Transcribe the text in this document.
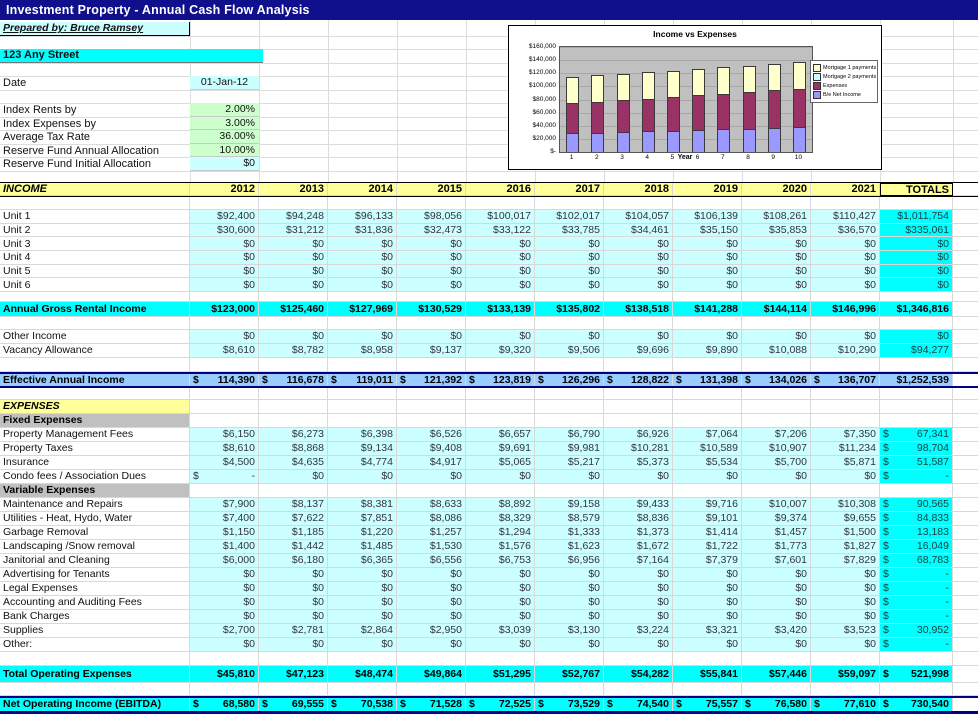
Investment Property - Annual Cash Flow Analysis
Prepared by: Bruce Ramsey
123 Any Street
Date	01-Jan-12
Index Rents by	2.00%
Index Expenses by	3.00%
Average Tax Rate	36.00%
Reserve Fund Annual Allocation	10.00%
Reserve Fund Initial Allocation	$0
Income vs Expenses
1	2	3	4	5	6	7	8	9	10
$160,000
$140,000
$120,000
$100,000
$80,000
$60,000
$40,000
$20,000
$-
Year
Mortgage 1 payments
Mortgage 2 payments
Expenses
B/e Net Income
INCOME	2012	2013	2014	2015	2016	2017	2018	2019	2020	2021	TOTALS
Unit 1	$92,400	$94,248	$96,133	$98,056	$100,017	$102,017	$104,057	$106,139	$108,261	$110,427	$1,011,754
Unit 2	$30,600	$31,212	$31,836	$32,473	$33,122	$33,785	$34,461	$35,150	$35,853	$36,570	$335,061
Unit 3	$0	$0	$0	$0	$0	$0	$0	$0	$0	$0	$0
Unit 4	$0	$0	$0	$0	$0	$0	$0	$0	$0	$0	$0
Unit 5	$0	$0	$0	$0	$0	$0	$0	$0	$0	$0	$0
Unit 6	$0	$0	$0	$0	$0	$0	$0	$0	$0	$0	$0
Annual Gross Rental Income	$123,000	$125,460	$127,969	$130,529	$133,139	$135,802	$138,518	$141,288	$144,114	$146,996	$1,346,816
Other Income	$0	$0	$0	$0	$0	$0	$0	$0	$0	$0	$0
Vacancy Allowance	$8,610	$8,782	$8,958	$9,137	$9,320	$9,506	$9,696	$9,890	$10,088	$10,290	$94,277
Effective Annual Income	$ 114,390 $ 116,678 $ 119,011 $ 121,392 $ 123,819 $ 126,296 $ 128,822 $ 131,398 $ 134,026 $ 136,707	$1,252,539
EXPENSES
Fixed Expenses
Property Management Fees	$6,150	$6,273	$6,398	$6,526	$6,657	$6,790	$6,926	$7,064	$7,206	$7,350 $	67,341
Property Taxes	$8,610	$8,868	$9,134	$9,408	$9,691	$9,981	$10,281	$10,589	$10,907	$11,234 $	98,704
Insurance	$4,500	$4,635	$4,774	$4,917	$5,065	$5,217	$5,373	$5,534	$5,700	$5,871 $	51,587
Condo fees / Association Dues	$	-	$0	$0	$0	$0	$0	$0	$0	$0	$0 $	-
Variable Expenses
Maintenance and Repairs	$7,900	$8,137	$8,381	$8,633	$8,892	$9,158	$9,433	$9,716	$10,007	$10,308 $	90,565
Utilities - Heat, Hydo, Water	$7,400	$7,622	$7,851	$8,086	$8,329	$8,579	$8,836	$9,101	$9,374	$9,655 $	84,833
Garbage Removal	$1,150	$1,185	$1,220	$1,257	$1,294	$1,333	$1,373	$1,414	$1,457	$1,500 $	13,183
Landscaping /Snow removal	$1,400	$1,442	$1,485	$1,530	$1,576	$1,623	$1,672	$1,722	$1,773	$1,827 $	16,049
Janitorial and Cleaning	$6,000	$6,180	$6,365	$6,556	$6,753	$6,956	$7,164	$7,379	$7,601	$7,829 $	68,783
Advertising for Tenants	$0	$0	$0	$0	$0	$0	$0	$0	$0	$0 $	-
Legal Expenses	$0	$0	$0	$0	$0	$0	$0	$0	$0	$0 $	-
Accounting and Auditing Fees	$0	$0	$0	$0	$0	$0	$0	$0	$0	$0 $	-
Bank Charges	$0	$0	$0	$0	$0	$0	$0	$0	$0	$0 $	-
Supplies	$2,700	$2,781	$2,864	$2,950	$3,039	$3,130	$3,224	$3,321	$3,420	$3,523 $	30,952
Other:	$0	$0	$0	$0	$0	$0	$0	$0	$0	$0 $	-
Total Operating Expenses	$45,810	$47,123	$48,474	$49,864	$51,295	$52,767	$54,282	$55,841	$57,446	$59,097 $ 521,998
Net Operating Income (EBITDA)	$ 68,580 $ 69,555 $ 70,538 $ 71,528 $ 72,525 $ 73,529 $ 74,540 $ 75,557 $ 76,580 $ 77,610 $ 730,540
